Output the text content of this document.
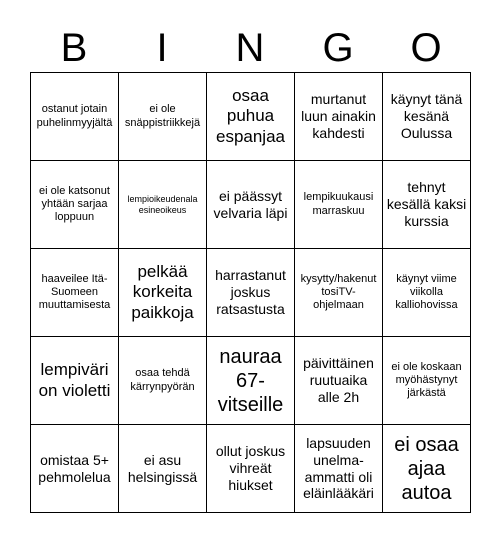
B	I	N	G	O
ostanut jotain puhelinmyyjältä
ei ole snäppistriikkejä
osaa puhua espanjaa
murtanut luun ainakin kahdesti
käynyt tänä kesänä Oulussa
ei ole katsonut yhtään sarjaa loppuun
lempioikeudenala esineoikeus
ei päässyt velvaria läpi
lempikuukausi marraskuu
tehnyt kesällä kaksi kurssia
haaveilee Itä-Suomeen muuttamisesta
pelkää korkeita paikkoja
harrastanut joskus ratsastusta
kysytty/hakenut tosiTV-ohjelmaan
käynyt viime viikolla kalliohovissa
lempiväri on violetti
osaa tehdä kärrynpyörän
nauraa 67-vitseille
päivittäinen ruutuaika alle 2h
ei ole koskaan myöhästynyt järkästä
omistaa 5+ pehmolelua
ei asu helsingissä
ollut joskus vihreät hiukset
lapsuuden unelma-ammatti oli eläinlääkäri
ei osaa ajaa autoa
